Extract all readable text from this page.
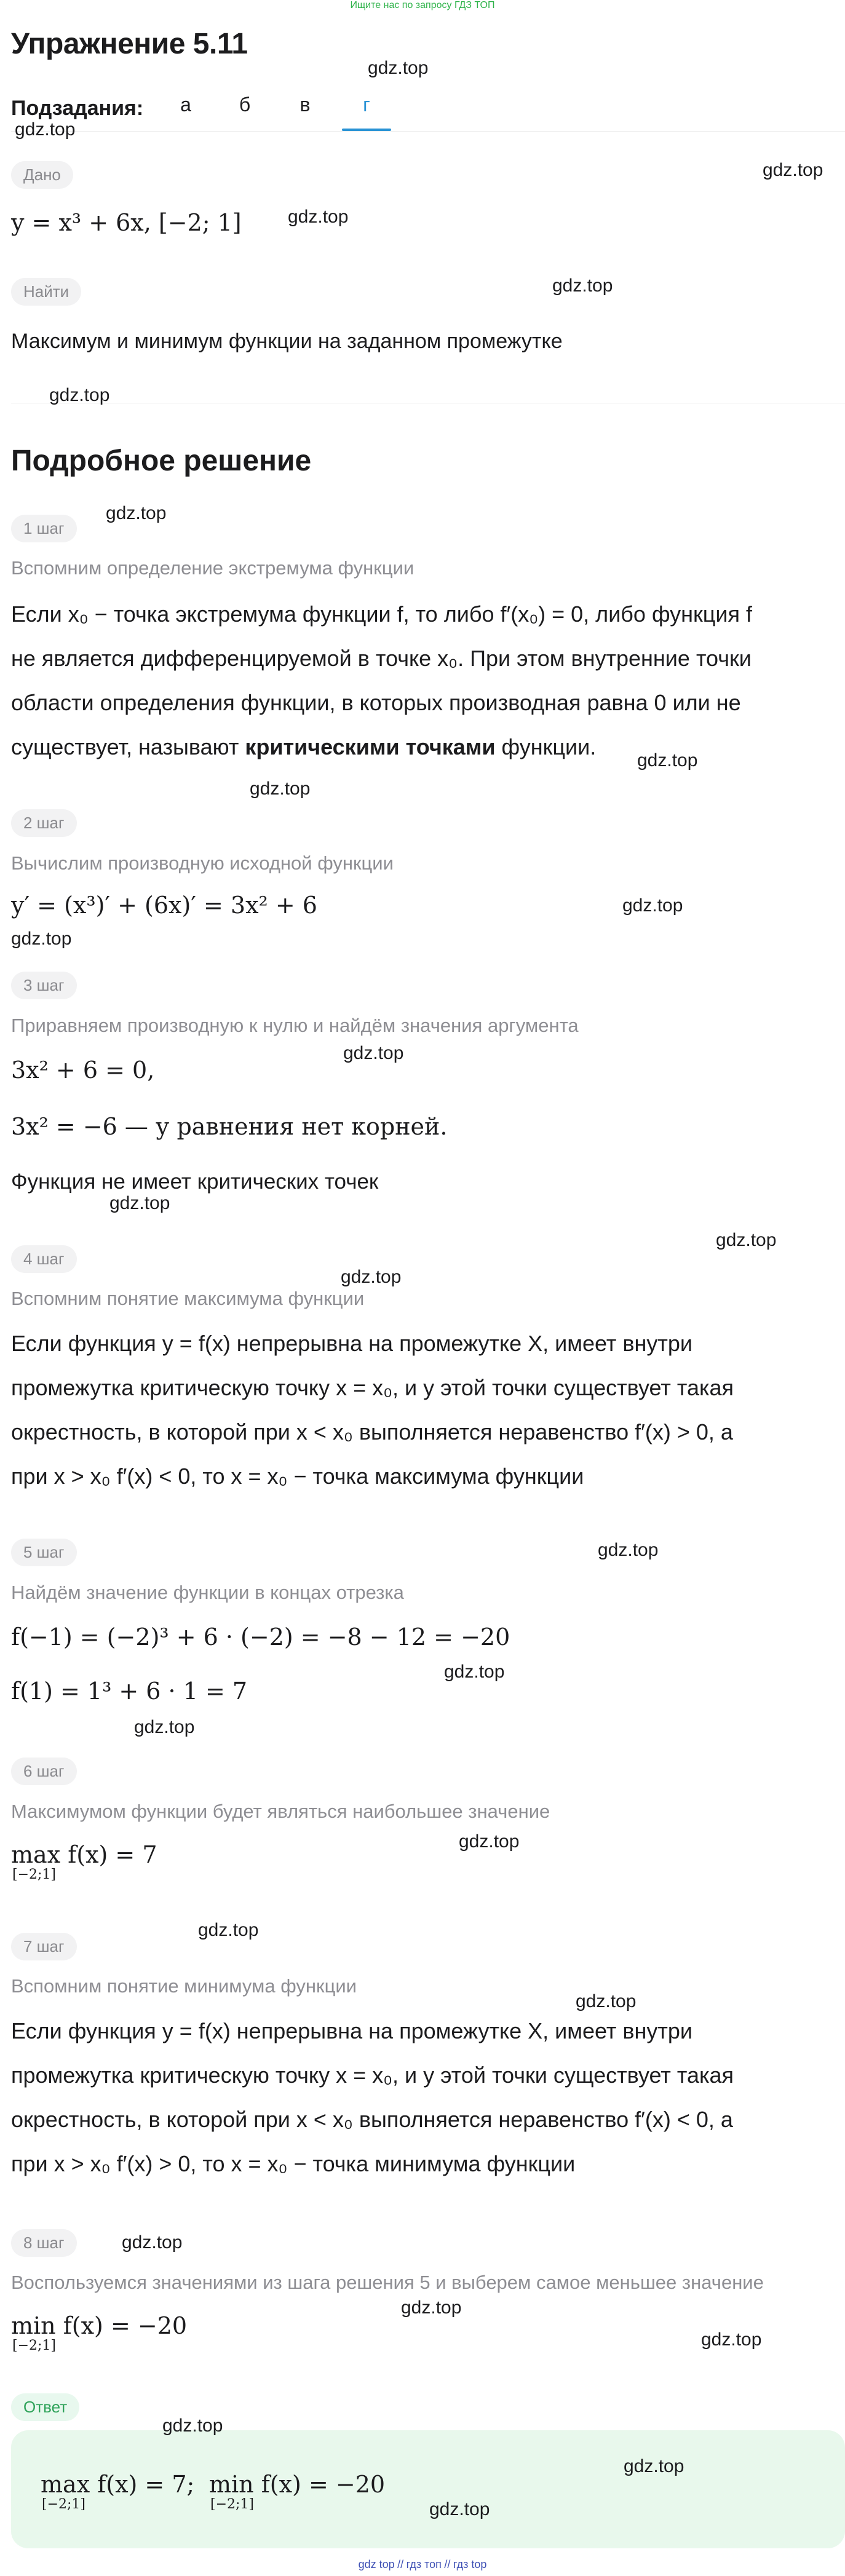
Ищите нас по запросу ГДЗ ТОП
Упражнение 5.11
Подзадания:	а	б	в	г
Дано
y = x³ + 6x, [−2; 1]
Найти
Максимум и минимум функции на заданном промежутке
Подробное решение
1 шаг
Вспомним определение экстремума функции
Если x₀ − точка экстремума функции f, то либо f′(x₀) = 0, либо функция f
не является дифференцируемой в точке x₀. При этом внутренние точки
области определения функции, в которых производная равна 0 или не
существует, называют критическими точками функции.
2 шаг
Вычислим производную исходной функции
y′ = (x³)′ + (6x)′ = 3x² + 6
3 шаг
Приравняем производную к нулю и найдём значения аргумента
3x² + 6 = 0,
3x² = −6 — у равнения нет корней.
Функция не имеет критических точек
4 шаг
Вспомним понятие максимума функции
Если функция y = f(x) непрерывна на промежутке X, имеет внутри
промежутка критическую точку x = x₀, и у этой точки существует такая
окрестность, в которой при x < x₀ выполняется неравенство f′(x) > 0, а
при x > x₀ f′(x) < 0, то x = x₀ − точка максимума функции
5 шаг
Найдём значение функции в концах отрезка
f(−1) = (−2)³ + 6 · (−2) = −8 − 12 = −20
f(1) = 1³ + 6 · 1 = 7
6 шаг
Максимумом функции будет являться наибольшее значение
max f(x) = 7
[−2;1]
7 шаг
Вспомним понятие минимума функции
Если функция y = f(x) непрерывна на промежутке X, имеет внутри
промежутка критическую точку x = x₀, и у этой точки существует такая
окрестность, в которой при x < x₀ выполняется неравенство f′(x) < 0, а
при x > x₀ f′(x) > 0, то x = x₀ − точка минимума функции
8 шаг
Воспользуемся значениями из шага решения 5 и выберем самое меньшее значение
min f(x) = −20
[−2;1]
Ответ
max f(x) = 7;
[−2;1]
min f(x) = −20
[−2;1]
gdz.top
gdz.top
gdz.top
gdz.top
gdz.top
gdz.top
gdz.top
gdz.top
gdz.top
gdz.top
gdz.top
gdz.top
gdz.top
gdz.top
gdz.top
gdz.top
gdz.top
gdz.top
gdz.top
gdz.top
gdz.top
gdz.top
gdz.top
gdz.top
gdz.top
gdz.top
gdz.top
gdz top // гдз топ // гдз top
